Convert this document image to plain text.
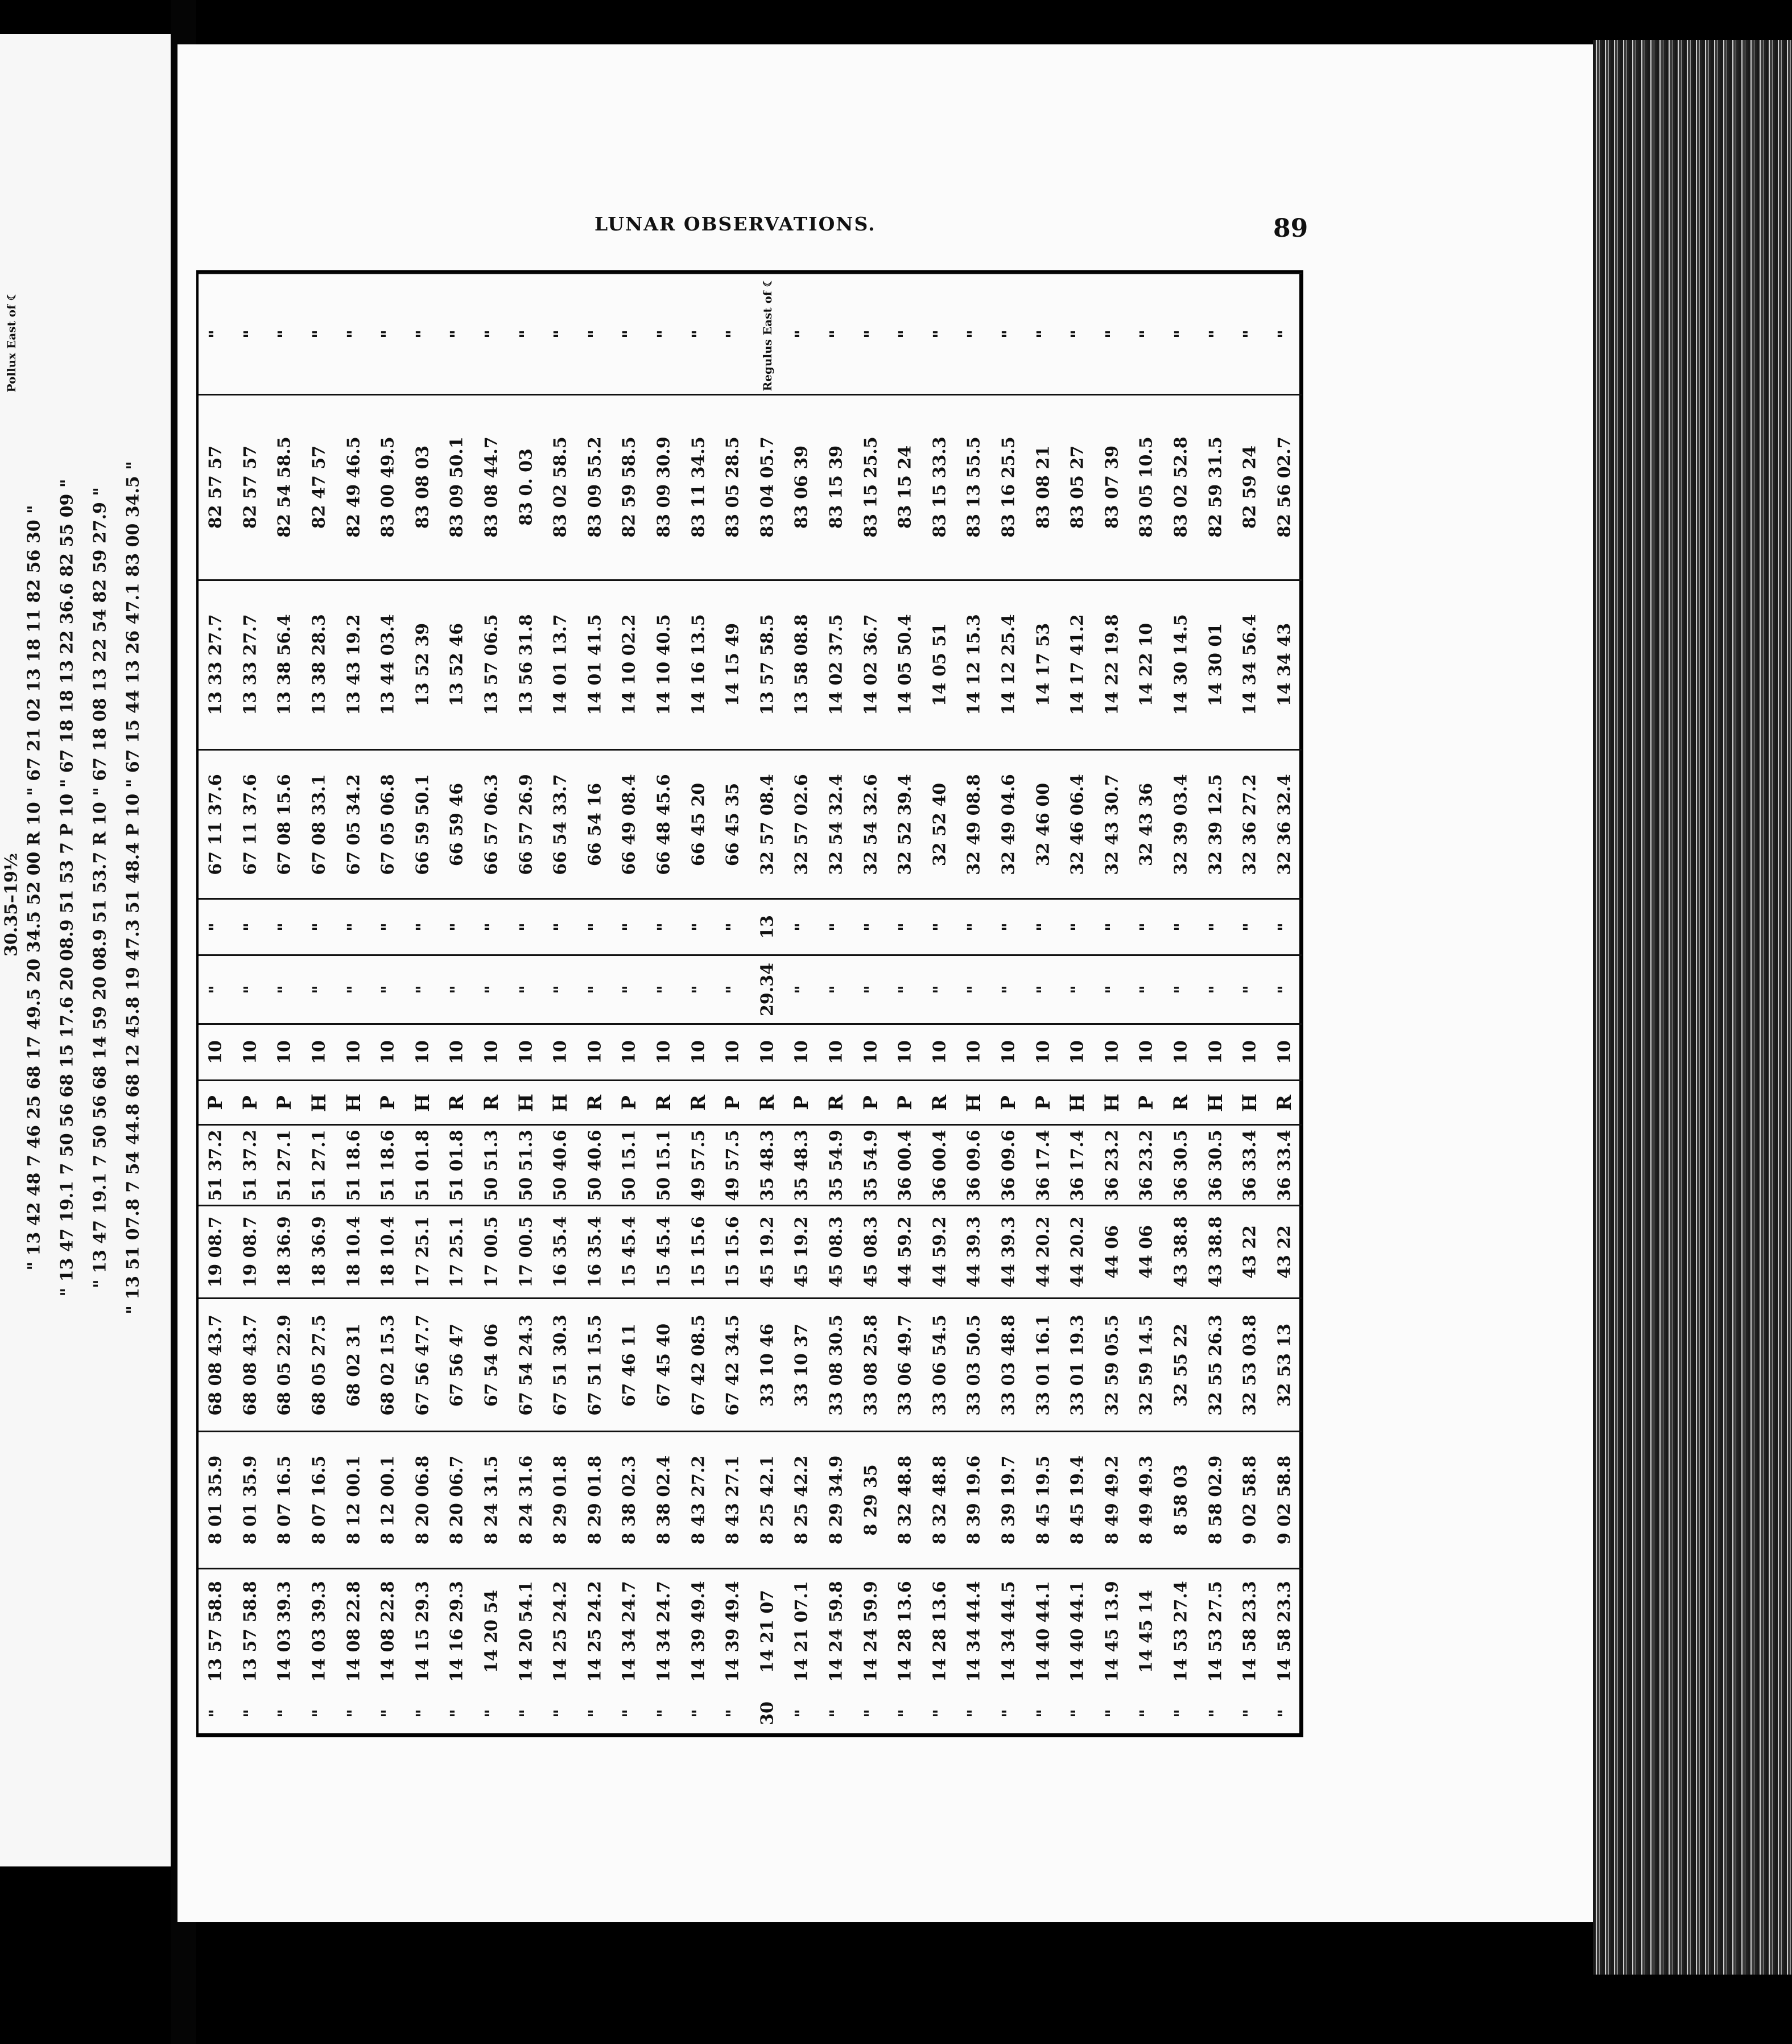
" 13 42 48 7 46 25 68 17 49.5 20 34.5 52 00 R 10 " 67 21 02 13 18 11 82 56 30 " " 13 47 19.1 7 50 56 68 15 17.6 20 08.9 51 53 7 P 10 " 67 18 18 13 22 36.6 82 55 09 " " 13 47 19.1 7 50 56 68 14 59 20 08.9 51 53.7 R 10 " 67 18 08 13 22 54 82 59 27.9 " " 13 51 07.8 7 54 44.8 68 12 45.8 19 47.3 51 48.4 P 10 " 67 15 44 13 26 47.1 83 00 34.5 "
Pollux East of ☾
30.35–19½
LUNAR OBSERVATIONS.	89
"
13 57 58.8
8 01 35.9
68 08 43.7
19 08.7
51 37.2
P
10
"
"
67 11 37.6
13 33 27.7
82 57 57
"
"
13 57 58.8
8 01 35.9
68 08 43.7
19 08.7
51 37.2
P
10
"
"
67 11 37.6
13 33 27.7
82 57 57
"
"
14 03 39.3
8 07 16.5
68 05 22.9
18 36.9
51 27.1
P
10
"
"
67 08 15.6
13 38 56.4
82 54 58.5
"
"
14 03 39.3
8 07 16.5
68 05 27.5
18 36.9
51 27.1
H
10
"
"
67 08 33.1
13 38 28.3
82 47 57
"
"
14 08 22.8
8 12 00.1
68 02 31
18 10.4
51 18.6
H
10
"
"
67 05 34.2
13 43 19.2
82 49 46.5
"
"
14 08 22.8
8 12 00.1
68 02 15.3
18 10.4
51 18.6
P
10
"
"
67 05 06.8
13 44 03.4
83 00 49.5
"
"
14 15 29.3
8 20 06.8
67 56 47.7
17 25.1
51 01.8
H
10
"
"
66 59 50.1
13 52 39
83 08 03
"
"
14 16 29.3
8 20 06.7
67 56 47
17 25.1
51 01.8
R
10
"
"
66 59 46
13 52 46
83 09 50.1
"
"
14 20 54
8 24 31.5
67 54 06
17 00.5
50 51.3
R
10
"
"
66 57 06.3
13 57 06.5
83 08 44.7
"
"
14 20 54.1
8 24 31.6
67 54 24.3
17 00.5
50 51.3
H
10
"
"
66 57 26.9
13 56 31.8
83 0. 03
"
"
14 25 24.2
8 29 01.8
67 51 30.3
16 35.4
50 40.6
H
10
"
"
66 54 33.7
14 01 13.7
83 02 58.5
"
"
14 25 24.2
8 29 01.8
67 51 15.5
16 35.4
50 40.6
R
10
"
"
66 54 16
14 01 41.5
83 09 55.2
"
"
14 34 24.7
8 38 02.3
67 46 11
15 45.4
50 15.1
P
10
"
"
66 49 08.4
14 10 02.2
82 59 58.5
"
"
14 34 24.7
8 38 02.4
67 45 40
15 45.4
50 15.1
R
10
"
"
66 48 45.6
14 10 40.5
83 09 30.9
"
"
14 39 49.4
8 43 27.2
67 42 08.5
15 15.6
49 57.5
R
10
"
"
66 45 20
14 16 13.5
83 11 34.5
"
"
14 39 49.4
8 43 27.1
67 42 34.5
15 15.6
49 57.5
P
10
"
"
66 45 35
14 15 49
83 05 28.5
"
30
14 21 07
8 25 42.1
33 10 46
45 19.2
35 48.3
R
10
29.34
13
32 57 08.4
13 57 58.5
83 04 05.7
Regulus East of ☾
"
14 21 07.1
8 25 42.2
33 10 37
45 19.2
35 48.3
P
10
"
"
32 57 02.6
13 58 08.8
83 06 39
"
"
14 24 59.8
8 29 34.9
33 08 30.5
45 08.3
35 54.9
R
10
"
"
32 54 32.4
14 02 37.5
83 15 39
"
"
14 24 59.9
8 29 35
33 08 25.8
45 08.3
35 54.9
P
10
"
"
32 54 32.6
14 02 36.7
83 15 25.5
"
"
14 28 13.6
8 32 48.8
33 06 49.7
44 59.2
36 00.4
P
10
"
"
32 52 39.4
14 05 50.4
83 15 24
"
"
14 28 13.6
8 32 48.8
33 06 54.5
44 59.2
36 00.4
R
10
"
"
32 52 40
14 05 51
83 15 33.3
"
"
14 34 44.4
8 39 19.6
33 03 50.5
44 39.3
36 09.6
H
10
"
"
32 49 08.8
14 12 15.3
83 13 55.5
"
"
14 34 44.5
8 39 19.7
33 03 48.8
44 39.3
36 09.6
P
10
"
"
32 49 04.6
14 12 25.4
83 16 25.5
"
"
14 40 44.1
8 45 19.5
33 01 16.1
44 20.2
36 17.4
P
10
"
"
32 46 00
14 17 53
83 08 21
"
"
14 40 44.1
8 45 19.4
33 01 19.3
44 20.2
36 17.4
H
10
"
"
32 46 06.4
14 17 41.2
83 05 27
"
"
14 45 13.9
8 49 49.2
32 59 05.5
44 06
36 23.2
H
10
"
"
32 43 30.7
14 22 19.8
83 07 39
"
"
14 45 14
8 49 49.3
32 59 14.5
44 06
36 23.2
P
10
"
"
32 43 36
14 22 10
83 05 10.5
"
"
14 53 27.4
8 58 03
32 55 22
43 38.8
36 30.5
R
10
"
"
32 39 03.4
14 30 14.5
83 02 52.8
"
"
14 53 27.5
8 58 02.9
32 55 26.3
43 38.8
36 30.5
H
10
"
"
32 39 12.5
14 30 01
82 59 31.5
"
"
14 58 23.3
9 02 58.8
32 53 03.8
43 22
36 33.4
H
10
"
"
32 36 27.2
14 34 56.4
82 59 24
"
"
14 58 23.3
9 02 58.8
32 53 13
43 22
36 33.4
R
10
"
"
32 36 32.4
14 34 43
82 56 02.7
"
